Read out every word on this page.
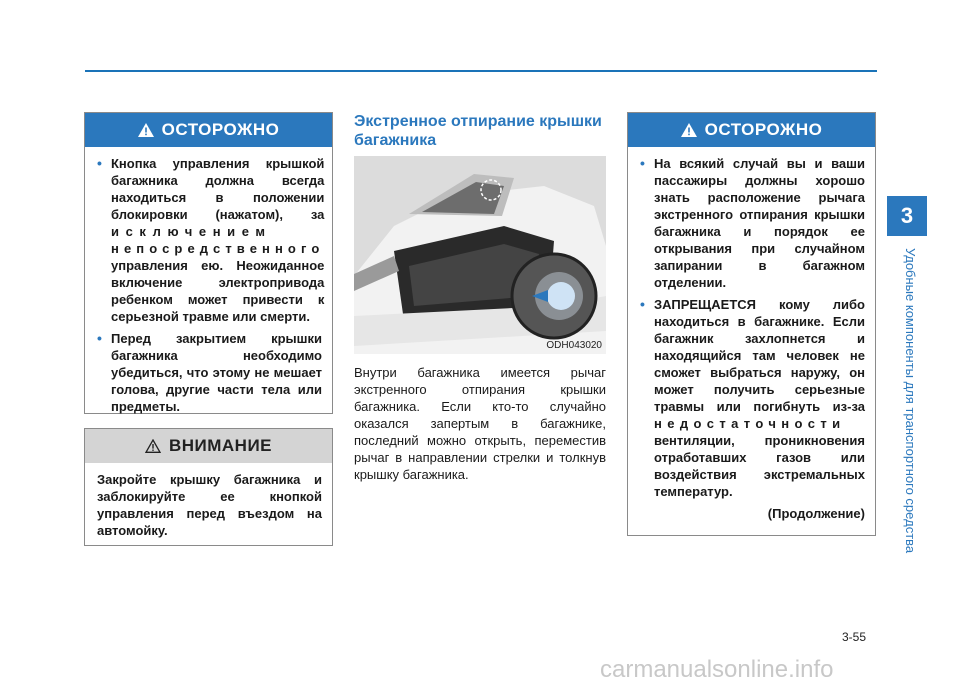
ОСТОРОЖНО
• Кнопка управления крышкой багажника должна всегда находиться в положении блокировки (нажатом), за исключением непосредственного управления ею. Неожиданное включение электропривода ребенком может привести к серьезной травме или смерти.
• Перед закрытием крышки багажника необходимо убедиться, что этому не мешает голова, другие части тела или предметы.
ВНИМАНИЕ
Закройте крышку багажника и заблокируйте ее кнопкой управления перед въездом на автомойку.
Экстренное отпирание крышки багажника
ODH043020
Внутри багажника имеется рычаг экстренного отпирания крышки багажника. Если кто-то случайно оказался запертым в багажнике, последний можно открыть, переместив рычаг в направлении стрелки и толкнув крышку багажника.
ОСТОРОЖНО
• На всякий случай вы и ваши пассажиры должны хорошо знать расположение рычага экстренного отпирания крышки багажника и порядок ее открывания при случайном запирании в багажном отделении.
• ЗАПРЕЩАЕТСЯ кому либо находиться в багажнике. Если багажник захлопнется и находящийся там человек не сможет выбраться наружу, он может получить серьезные травмы или погибнуть из-за недостаточности вентиляции, проникновения отработавших газов или воздействия экстремальных температур.
(Продолжение)
3
Удобные компоненты для транспортного средства
3-55
carmanualsonline.info
